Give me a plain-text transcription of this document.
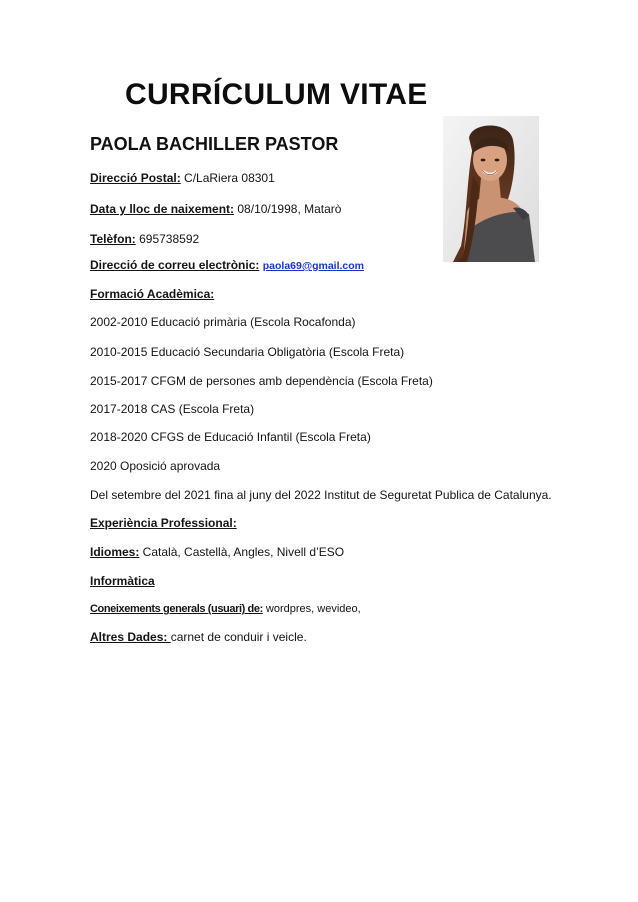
CURRÍCULUM VITAE
PAOLA BACHILLER PASTOR
Direcció Postal: C/LaRiera 08301
Data y lloc de naixement: 08/10/1998, Matarò
Telèfon: 695738592
Direcció de correu electrònic: paola69@gmail.com
Formació Acadèmica:
2002-2010 Educació primària (Escola Rocafonda)
2010-2015 Educació Secundaria Obligatòria (Escola Freta)
2015-2017 CFGM de persones amb dependència (Escola Freta)
2017-2018 CAS (Escola Freta)
2018-2020 CFGS de Educació Infantil (Escola Freta)
2020 Oposició aprovada
Del setembre del 2021 fina al juny del 2022 Institut de Seguretat Publica de Catalunya.
Experiència Professional:
Idiomes: Català, Castellà, Angles, Nivell d’ESO
Informàtica
Coneixements generals (usuari) de: wordpres, wevideo,
Altres Dades: carnet de conduir i veicle.
